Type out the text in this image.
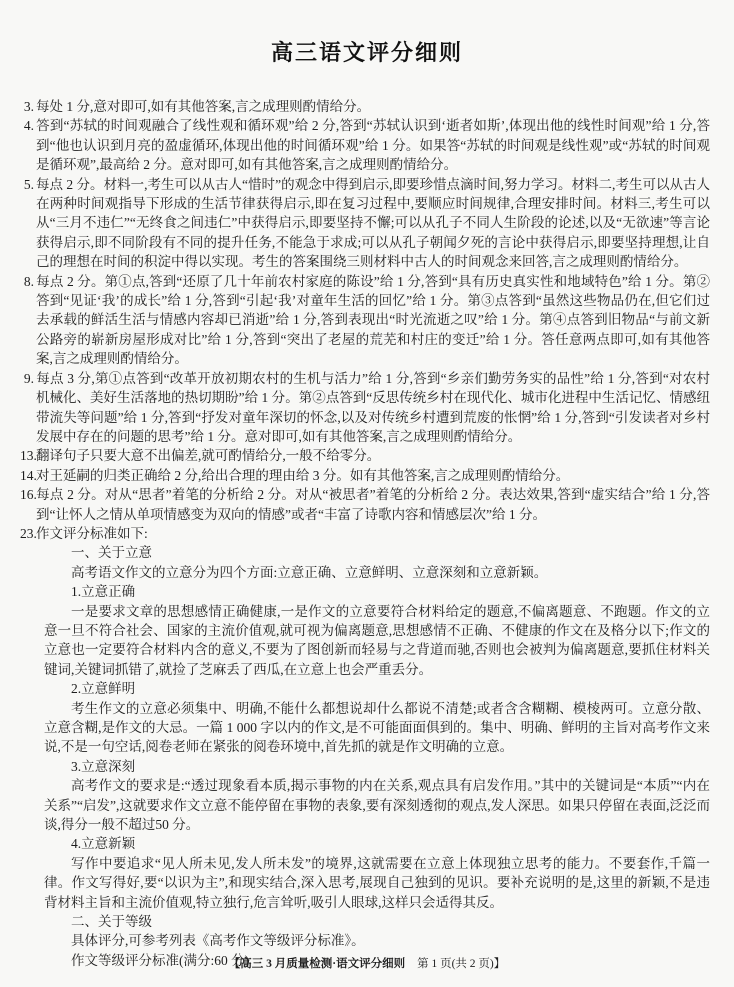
高三语文评分细则

3. 每处 1 分,意对即可,如有其他答案,言之成理则酌情给分。

4. 答到“苏轼的时间观融合了线性观和循环观”给 2 分,答到“苏轼认识到‘逝者如斯’,体现出他的线性时间观”给 1 分,答到“他也认识到月亮的盈虚循环,体现出他的时间循环观”给 1 分。如果答“苏轼的时间观是线性观”或“苏轼的时间观是循环观”,最高给 2 分。意对即可,如有其他答案,言之成理则酌情给分。

5. 每点 2 分。材料一,考生可以从古人“惜时”的观念中得到启示,即要珍惜点滴时间,努力学习。材料二,考生可以从古人在两种时间观指导下形成的生活节律获得启示,即在复习过程中,要顺应时间规律,合理安排时间。材料三,考生可以从“三月不违仁”“无终食之间违仁”中获得启示,即要坚持不懈;可以从孔子不同人生阶段的论述,以及“无欲速”等言论获得启示,即不同阶段有不同的提升任务,不能急于求成;可以从孔子朝闻夕死的言论中获得启示,即要坚持理想,让自己的理想在时间的积淀中得以实现。考生的答案围绕三则材料中古人的时间观念来回答,言之成理则酌情给分。

8. 每点 2 分。第①点,答到“还原了几十年前农村家庭的陈设”给 1 分,答到“具有历史真实性和地域特色”给 1 分。第②答到“见证‘我’的成长”给 1 分,答到“引起‘我’对童年生活的回忆”给 1 分。第③点答到“虽然这些物品仍在,但它们过去承载的鲜活生活与情感内容却已消逝”给 1 分,答到表现出“时光流逝之叹”给 1 分。第④点答到旧物品“与前文新公路旁的崭新房屋形成对比”给 1 分,答到“突出了老屋的荒芜和村庄的变迁”给 1 分。答任意两点即可,如有其他答案,言之成理则酌情给分。

9. 每点 3 分,第①点答到“改革开放初期农村的生机与活力”给 1 分,答到“乡亲们勤劳务实的品性”给 1 分,答到“对农村机械化、美好生活落地的热切期盼”给 1 分。第②点答到“反思传统乡村在现代化、城市化进程中生活记忆、情感纽带流失等问题”给 1 分,答到“抒发对童年深切的怀念,以及对传统乡村遭到荒废的怅惘”给 1 分,答到“引发读者对乡村发展中存在的问题的思考”给 1 分。意对即可,如有其他答案,言之成理则酌情给分。

13.翻译句子只要大意不出偏差,就可酌情给分,一般不给零分。

14.对王延嗣的归类正确给 2 分,给出合理的理由给 3 分。如有其他答案,言之成理则酌情给分。

16.每点 2 分。对从“思者”着笔的分析给 2 分。对从“被思者”着笔的分析给 2 分。表达效果,答到“虚实结合”给 1 分,答到“让怀人之情从单项情感变为双向的情感”或者“丰富了诗歌内容和情感层次”给 1 分。

23.作文评分标准如下:

一、关于立意

高考语文作文的立意分为四个方面:立意正确、立意鲜明、立意深刻和立意新颖。

1.立意正确

一是要求文章的思想感情正确健康,一是作文的立意要符合材料给定的题意,不偏离题意、不跑题。作文的立意一旦不符合社会、国家的主流价值观,就可视为偏离题意,思想感情不正确、不健康的作文在及格分以下;作文的立意也一定要符合材料内含的意义,不要为了图创新而轻易与之背道而驰,否则也会被判为偏离题意,要抓住材料关键词,关键词抓错了,就捡了芝麻丢了西瓜,在立意上也会严重丢分。

2.立意鲜明

考生作文的立意必须集中、明确,不能什么都想说却什么都说不清楚;或者含含糊糊、模棱两可。立意分散、立意含糊,是作文的大忌。一篇 1 000 字以内的作文,是不可能面面俱到的。集中、明确、鲜明的主旨对高考作文来说,不是一句空话,阅卷老师在紧张的阅卷环境中,首先抓的就是作文明确的立意。

3.立意深刻

高考作文的要求是:“透过现象看本质,揭示事物的内在关系,观点具有启发作用。”其中的关键词是“本质”“内在关系”“启发”,这就要求作文立意不能停留在事物的表象,要有深刻透彻的观点,发人深思。如果只停留在表面,泛泛而谈,得分一般不超过50 分。

4.立意新颖

写作中要追求“见人所未见,发人所未发”的境界,这就需要在立意上体现独立思考的能力。不要套作,千篇一律。作文写得好,要“以识为主”,和现实结合,深入思考,展现自己独到的见识。要补充说明的是,这里的新颖,不是违背材料主旨和主流价值观,特立独行,危言耸听,吸引人眼球,这样只会适得其反。

二、关于等级

具体评分,可参考列表《高考作文等级评分标准》。

作文等级评分标准(满分:60 分)

【高三 3 月质量检测·语文评分细则 第 1 页(共 2 页)】
